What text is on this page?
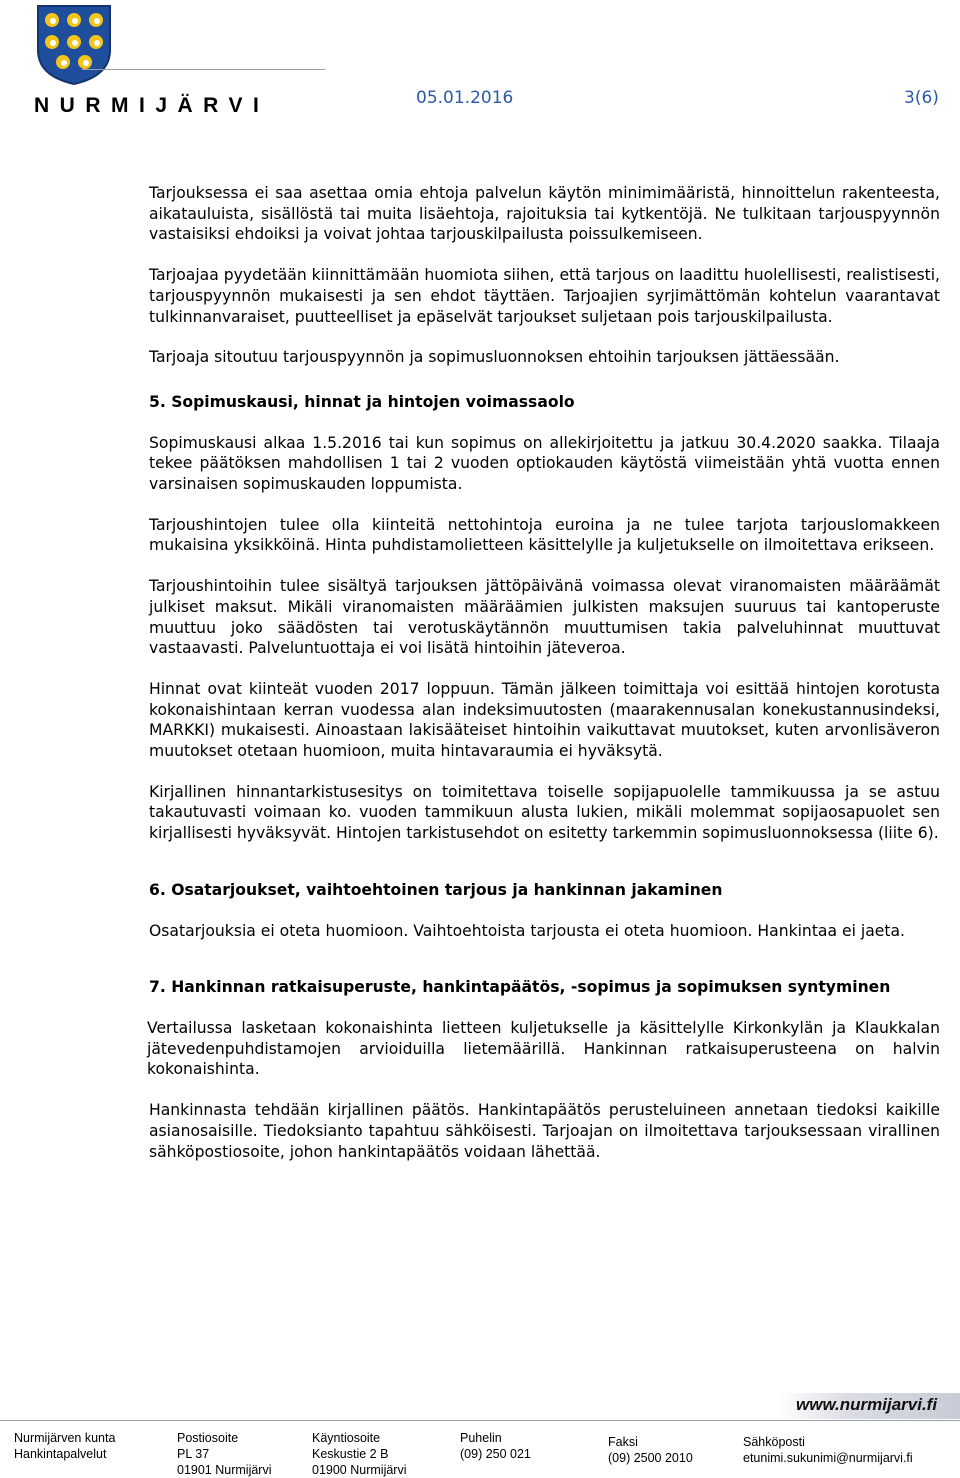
NURMIJÄRVI	05.01.2016	3(6)

Tarjouksessa ei saa asettaa omia ehtoja palvelun käytön minimimääristä, hinnoittelun rakenteesta, aikatauluista, sisällöstä tai muita lisäehtoja, rajoituksia tai kytkentöjä. Ne tulkitaan tarjouspyynnön vastaisiksi ehdoiksi ja voivat johtaa tarjouskilpailusta poissulkemiseen.

Tarjoajaa pyydetään kiinnittämään huomiota siihen, että tarjous on laadittu huolellisesti, realistisesti, tarjouspyynnön mukaisesti ja sen ehdot täyttäen. Tarjoajien syrjimättömän kohtelun vaarantavat tulkinnanvaraiset, puutteelliset ja epäselvät tarjoukset suljetaan pois tarjouskilpailusta.

Tarjoaja sitoutuu tarjouspyynnön ja sopimusluonnoksen ehtoihin tarjouksen jättäessään.

5. Sopimuskausi, hinnat ja hintojen voimassaolo

Sopimuskausi alkaa 1.5.2016 tai kun sopimus on allekirjoitettu ja jatkuu 30.4.2020 saakka. Tilaaja tekee päätöksen mahdollisen 1 tai 2 vuoden optiokauden käytöstä viimeistään yhtä vuotta ennen varsinaisen sopimuskauden loppumista.

Tarjoushintojen tulee olla kiinteitä nettohintoja euroina ja ne tulee tarjota tarjouslomakkeen mukaisina yksikköinä. Hinta puhdistamolietteen käsittelylle ja kuljetukselle on ilmoitettava erikseen.

Tarjoushintoihin tulee sisältyä tarjouksen jättöpäivänä voimassa olevat viranomaisten määräämät julkiset maksut. Mikäli viranomaisten määräämien julkisten maksujen suuruus tai kantoperuste muuttuu joko säädösten tai verotuskäytännön muuttumisen takia palveluhinnat muuttuvat vastaavasti. Palveluntuottaja ei voi lisätä hintoihin jäteveroa.

Hinnat ovat kiinteät vuoden 2017 loppuun. Tämän jälkeen toimittaja voi esittää hintojen korotusta kokonaishintaan kerran vuodessa alan indeksimuutosten (maarakennusalan konekustannusindeksi, MARKKI) mukaisesti. Ainoastaan lakisääteiset hintoihin vaikuttavat muutokset, kuten arvonlisäveron muutokset otetaan huomioon, muita hintavaraumia ei hyväksytä.

Kirjallinen hinnantarkistusesitys on toimitettava toiselle sopijapuolelle tammikuussa ja se astuu takautuvasti voimaan ko. vuoden tammikuun alusta lukien, mikäli molemmat sopijaosapuolet sen kirjallisesti hyväksyvät. Hintojen tarkistusehdot on esitetty tarkemmin sopimusluonnoksessa (liite 6).

6. Osatarjoukset, vaihtoehtoinen tarjous ja hankinnan jakaminen

Osatarjouksia ei oteta huomioon. Vaihtoehtoista tarjousta ei oteta huomioon. Hankintaa ei jaeta.

7. Hankinnan ratkaisuperuste, hankintapäätös, -sopimus ja sopimuksen syntyminen

Vertailussa lasketaan kokonaishinta lietteen kuljetukselle ja käsittelylle Kirkonkylän ja Klaukkalan jätevedenpuhdistamojen arvioiduilla lietemäärillä. Hankinnan ratkaisuperusteena on halvin kokonaishinta.

Hankinnasta tehdään kirjallinen päätös. Hankintapäätös perusteluineen annetaan tiedoksi kaikille asianosaisille. Tiedoksianto tapahtuu sähköisesti. Tarjoajan on ilmoitettava tarjouksessaan virallinen sähköpostiosoite, johon hankintapäätös voidaan lähettää.

www.nurmijarvi.fi
Nurmijärven kunta
Hankintapalvelut
Postiosoite
PL 37
01901 Nurmijärvi
Käyntiosoite
Keskustie 2 B
01900 Nurmijärvi
Puhelin
(09) 250 021
Faksi
(09) 2500 2010
Sähköposti
etunimi.sukunimi@nurmijarvi.fi
